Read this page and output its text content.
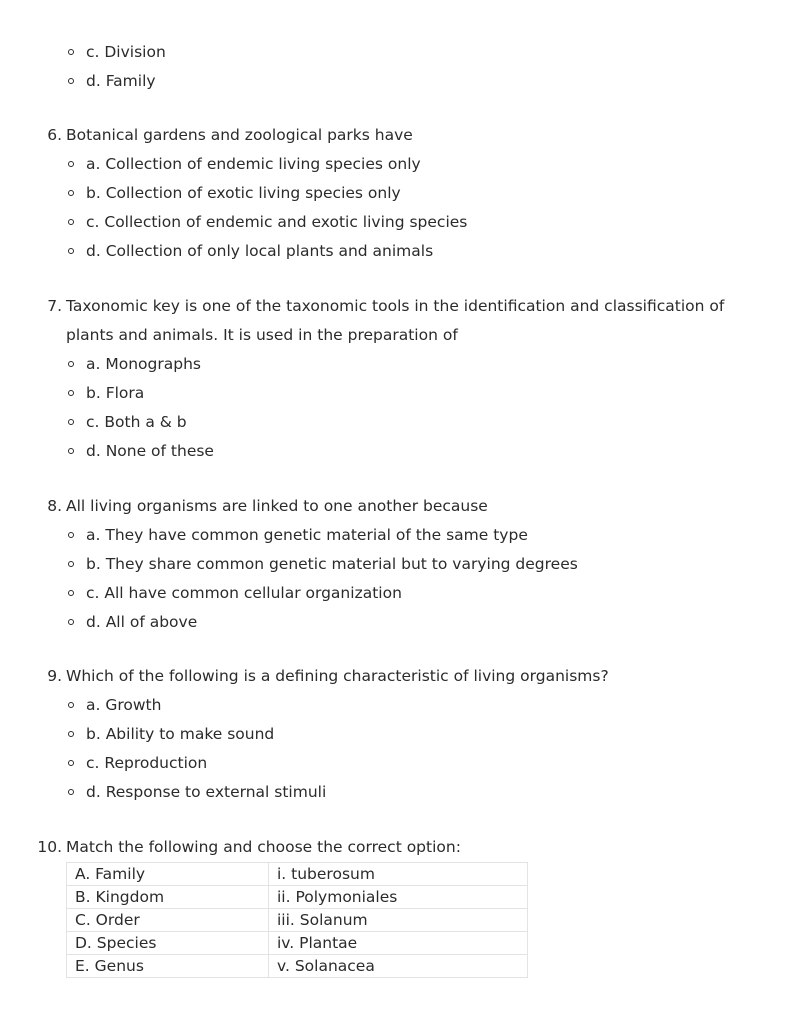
c. Division
d. Family
6. Botanical gardens and zoological parks have
a. Collection of endemic living species only
b. Collection of exotic living species only
c. Collection of endemic and exotic living species
d. Collection of only local plants and animals
7. Taxonomic key is one of the taxonomic tools in the identification and classification of
plants and animals. It is used in the preparation of
a. Monographs
b. Flora
c. Both a & b
d. None of these
8. All living organisms are linked to one another because
a. They have common genetic material of the same type
b. They share common genetic material but to varying degrees
c. All have common cellular organization
d. All of above
9. Which of the following is a defining characteristic of living organisms?
a. Growth
b. Ability to make sound
c. Reproduction
d. Response to external stimuli
10. Match the following and choose the correct option:
A. Family	i. tuberosum
B. Kingdom	ii. Polymoniales
C. Order	iii. Solanum
D. Species	iv. Plantae
E. Genus	v. Solanacea
